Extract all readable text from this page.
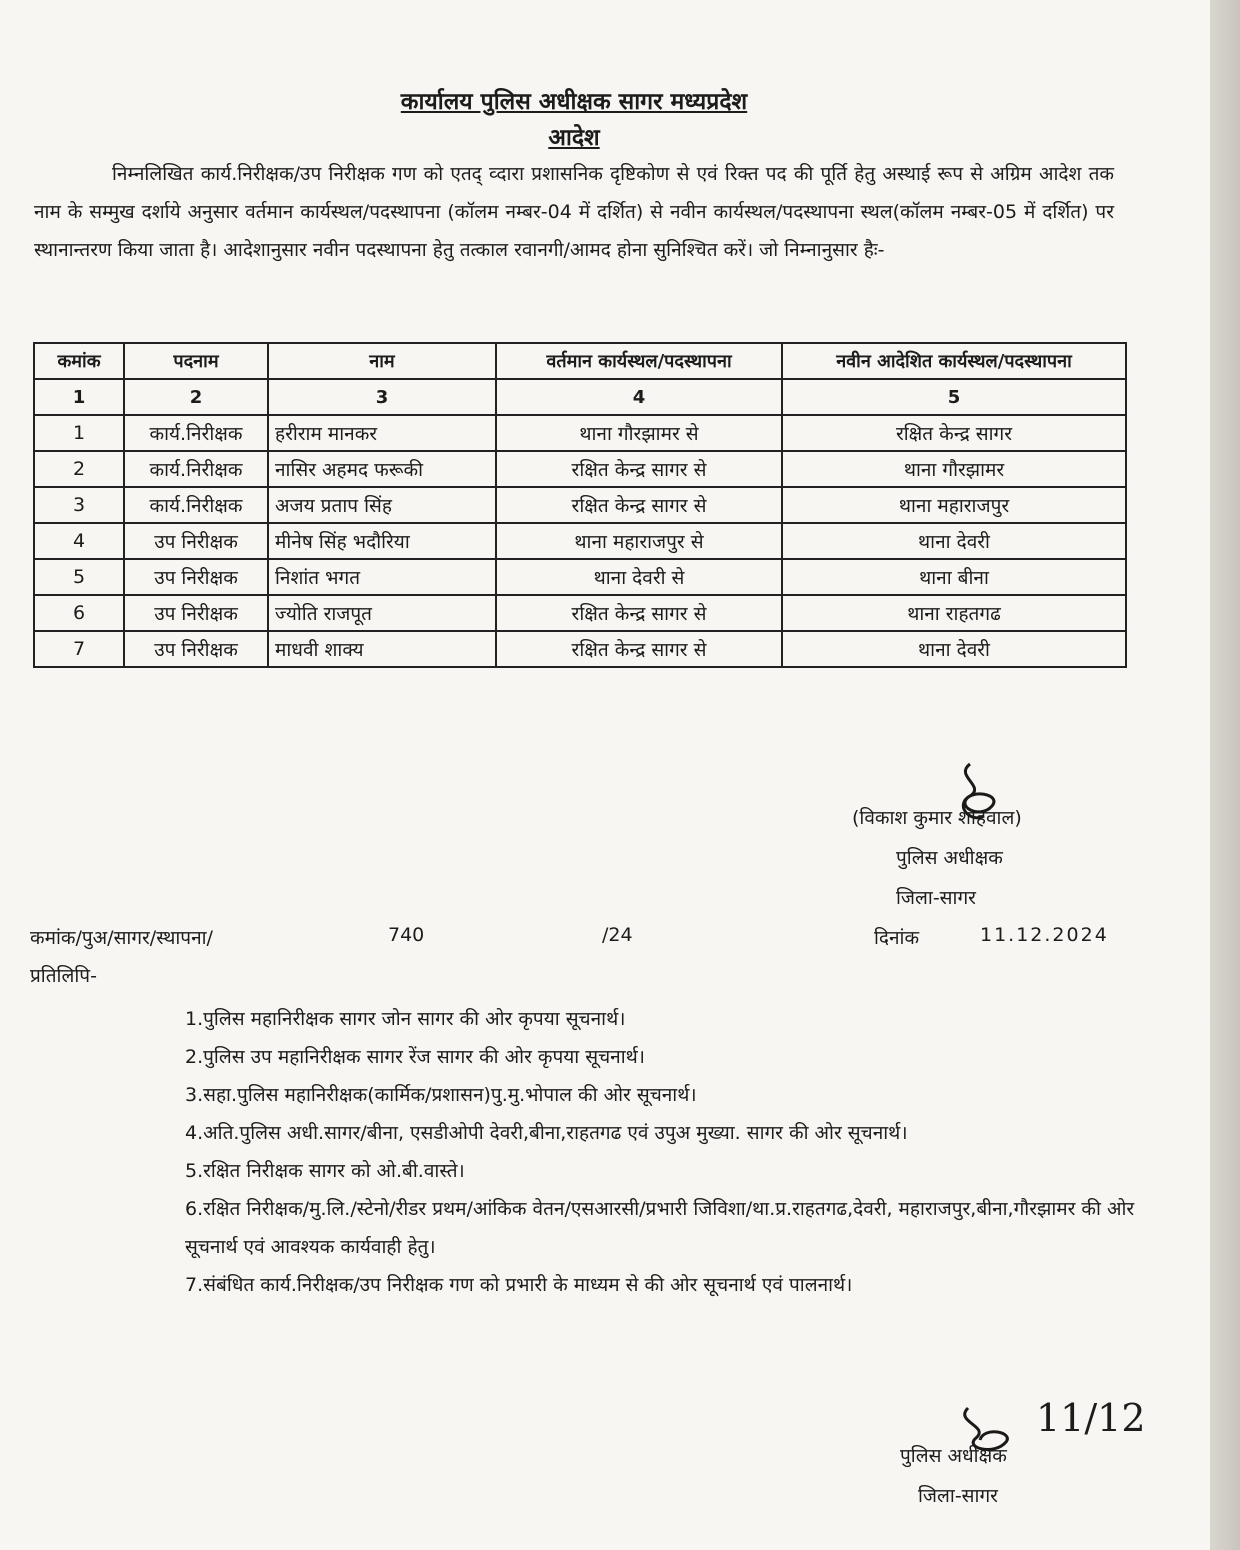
कार्यालय पुलिस अधीक्षक सागर मध्यप्रदेश
आदेश
निम्नलिखित कार्य.निरीक्षक/उप निरीक्षक गण को एतद् व्दारा प्रशासनिक दृष्टिकोण से एवं रिक्त पद की पूर्ति हेतु अस्थाई रूप से अग्रिम आदेश तक नाम के सम्मुख दर्शाये अनुसार वर्तमान कार्यस्थल/पदस्थापना (कॉलम नम्बर-04 में दर्शित) से नवीन कार्यस्थल/पदस्थापना स्थल(कॉलम नम्बर-05 में दर्शित) पर स्थानान्तरण किया जाता है। आदेशानुसार नवीन पदस्थापना हेतु तत्काल रवानगी/आमद होना सुनिश्चित करें। जो निम्नानुसार हैः-
कमांक	पदनाम	नाम	वर्तमान कार्यस्थल/पदस्थापना	नवीन आदेशित कार्यस्थल/पदस्थापना
1	2	3	4	5
1	कार्य.निरीक्षक	हरीराम मानकर	थाना गौरझामर से	रक्षित केन्द्र सागर
2	कार्य.निरीक्षक	नासिर अहमद फरूकी	रक्षित केन्द्र सागर से	थाना गौरझामर
3	कार्य.निरीक्षक	अजय प्रताप सिंह	रक्षित केन्द्र सागर से	थाना महाराजपुर
4	उप निरीक्षक	मीनेष सिंह भदौरिया	थाना महाराजपुर से	थाना देवरी
5	उप निरीक्षक	निशांत भगत	थाना देवरी से	थाना बीना
6	उप निरीक्षक	ज्योति राजपूत	रक्षित केन्द्र सागर से	थाना राहतगढ
7	उप निरीक्षक	माधवी शाक्य	रक्षित केन्द्र सागर से	थाना देवरी
(विकाश कुमार शाहवाल)
पुलिस अधीक्षक
जिला-सागर
कमांक/पुअ/सागर/स्थापना/	740	/24	दिनांक	11.12.2024
प्रतिलिपि-
1.पुलिस महानिरीक्षक सागर जोन सागर की ओर कृपया सूचनार्थ।
2.पुलिस उप महानिरीक्षक सागर रेंज सागर की ओर कृपया सूचनार्थ।
3.सहा.पुलिस महानिरीक्षक(कार्मिक/प्रशासन)पु.मु.भोपाल की ओर सूचनार्थ।
4.अति.पुलिस अधी.सागर/बीना, एसडीओपी देवरी,बीना,राहतगढ एवं उपुअ मुख्या. सागर की ओर सूचनार्थ।
5.रक्षित निरीक्षक सागर को ओ.बी.वास्ते।
6.रक्षित निरीक्षक/मु.लि./स्टेनो/रीडर प्रथम/आंकिक वेतन/एसआरसी/प्रभारी जिविशा/था.प्र.राहतगढ,देवरी, महाराजपुर,बीना,गौरझामर की ओर सूचनार्थ एवं आवश्यक कार्यवाही हेतु।
7.संबंधित कार्य.निरीक्षक/उप निरीक्षक गण को प्रभारी के माध्यम से की ओर सूचनार्थ एवं पालनार्थ।
11/12
पुलिस अधीक्षक
जिला-सागर
